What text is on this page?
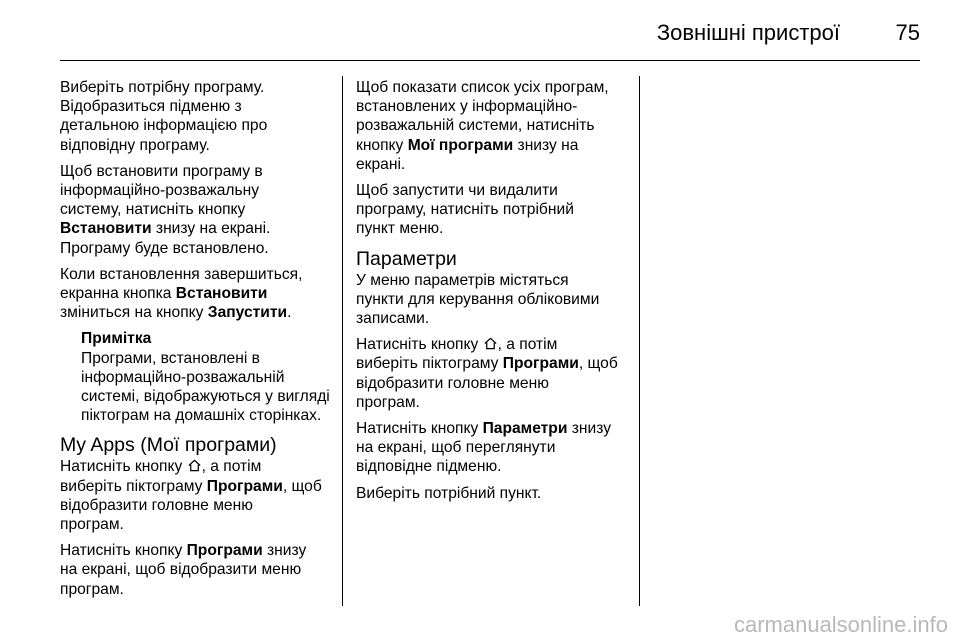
Зовнішні пристрої	75

Виберіть потрібну програму.
Відобразиться підменю з
детальною інформацією про
відповідну програму.

Щоб встановити програму в
інформаційно-розважальну
систему, натисніть кнопку
Встановити знизу на екрані.
Програму буде встановлено.

Коли встановлення завершиться,
екранна кнопка Встановити
зміниться на кнопку Запустити.

Примітка
Програми, встановлені в
інформаційно-розважальній
системі, відображуються у вигляді
піктограм на домашніх сторінках.
My Apps (Мої програми)

Натисніть кнопку
, а потім
виберіть піктограму Програми, щоб
відобразити головне меню
програм.

Натисніть кнопку Програми знизу
на екрані, щоб відобразити меню
програм.

Щоб показати список усіх програм,
встановлених у інформаційно-
розважальній системи, натисніть
кнопку Мої програми знизу на
екрані.

Щоб запустити чи видалити
програму, натисніть потрібний
пункт меню.

Параметри

У меню параметрів містяться
пункти для керування обліковими
записами.

Натисніть кнопку
, а потім
виберіть піктограму Програми, щоб
відобразити головне меню
програм.

Натисніть кнопку Параметри знизу
на екрані, щоб переглянути
відповідне підменю.

Виберіть потрібний пункт.

carmanualsonline.info
